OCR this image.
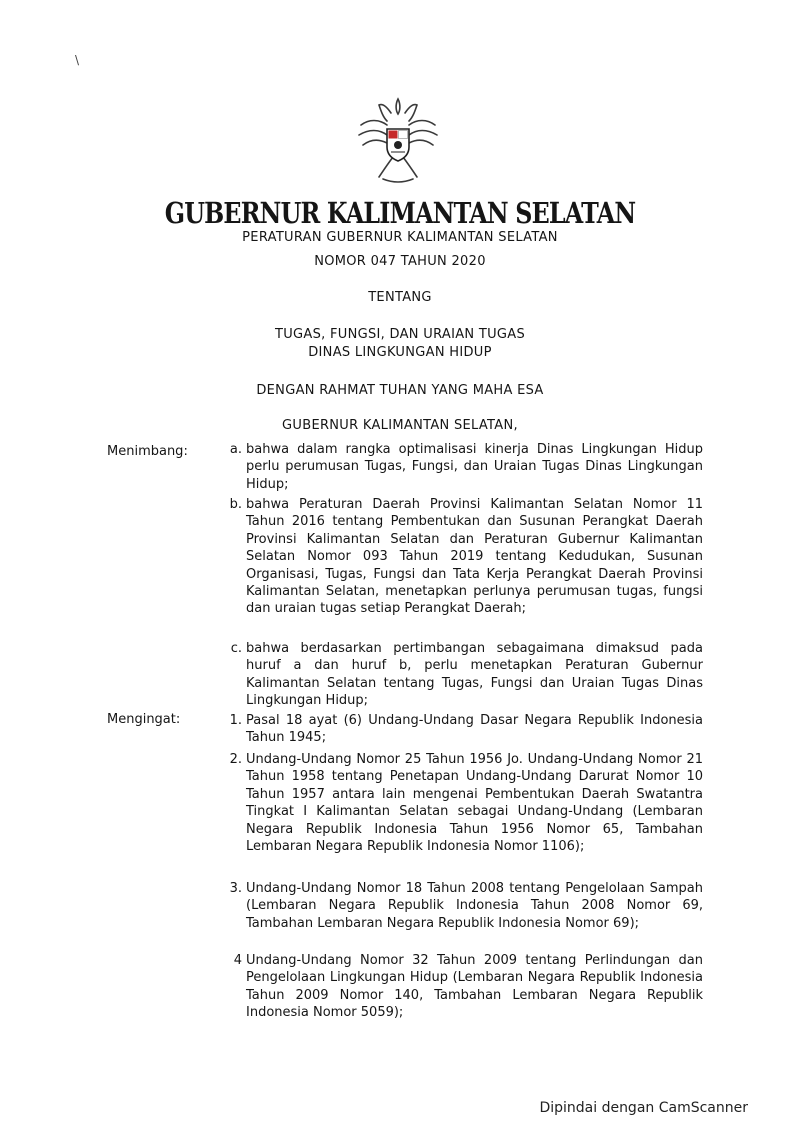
\
GUBERNUR KALIMANTAN SELATAN
PERATURAN GUBERNUR KALIMANTAN SELATAN
NOMOR 047 TAHUN 2020
TENTANG
TUGAS, FUNGSI, DAN URAIAN TUGAS
DINAS LINGKUNGAN HIDUP
DENGAN RAHMAT TUHAN YANG MAHA ESA
GUBERNUR KALIMANTAN SELATAN,
Menimbang:	a. bahwa dalam rangka optimalisasi kinerja Dinas Lingkungan Hidup perlu perumusan Tugas, Fungsi, dan Uraian Tugas Dinas Lingkungan Hidup;
b. bahwa Peraturan Daerah Provinsi Kalimantan Selatan Nomor 11 Tahun 2016 tentang Pembentukan dan Susunan Perangkat Daerah Provinsi Kalimantan Selatan dan Peraturan Gubernur Kalimantan Selatan Nomor 093 Tahun 2019 tentang Kedudukan, Susunan Organisasi, Tugas, Fungsi dan Tata Kerja Perangkat Daerah Provinsi Kalimantan Selatan, menetapkan perlunya perumusan tugas, fungsi dan uraian tugas setiap Perangkat Daerah;
c. bahwa berdasarkan pertimbangan sebagaimana dimaksud pada huruf a dan huruf b, perlu menetapkan Peraturan Gubernur Kalimantan Selatan tentang Tugas, Fungsi dan Uraian Tugas Dinas Lingkungan Hidup;
Mengingat:	1. Pasal 18 ayat (6) Undang-Undang Dasar Negara Republik Indonesia Tahun 1945;
2. Undang-Undang Nomor 25 Tahun 1956 Jo. Undang-Undang Nomor 21 Tahun 1958 tentang Penetapan Undang-Undang Darurat Nomor 10 Tahun 1957 antara lain mengenai Pembentukan Daerah Swatantra Tingkat I Kalimantan Selatan sebagai Undang-Undang (Lembaran Negara Republik Indonesia Tahun 1956 Nomor 65, Tambahan Lembaran Negara Republik Indonesia Nomor 1106);
3. Undang-Undang Nomor 18 Tahun 2008 tentang Pengelolaan Sampah (Lembaran Negara Republik Indonesia Tahun 2008 Nomor 69, Tambahan Lembaran Negara Republik Indonesia Nomor 69);
4 Undang-Undang Nomor 32 Tahun 2009 tentang Perlindungan dan Pengelolaan Lingkungan Hidup (Lembaran Negara Republik Indonesia Tahun 2009 Nomor 140, Tambahan Lembaran Negara Republik Indonesia Nomor 5059);
Dipindai dengan CamScanner
